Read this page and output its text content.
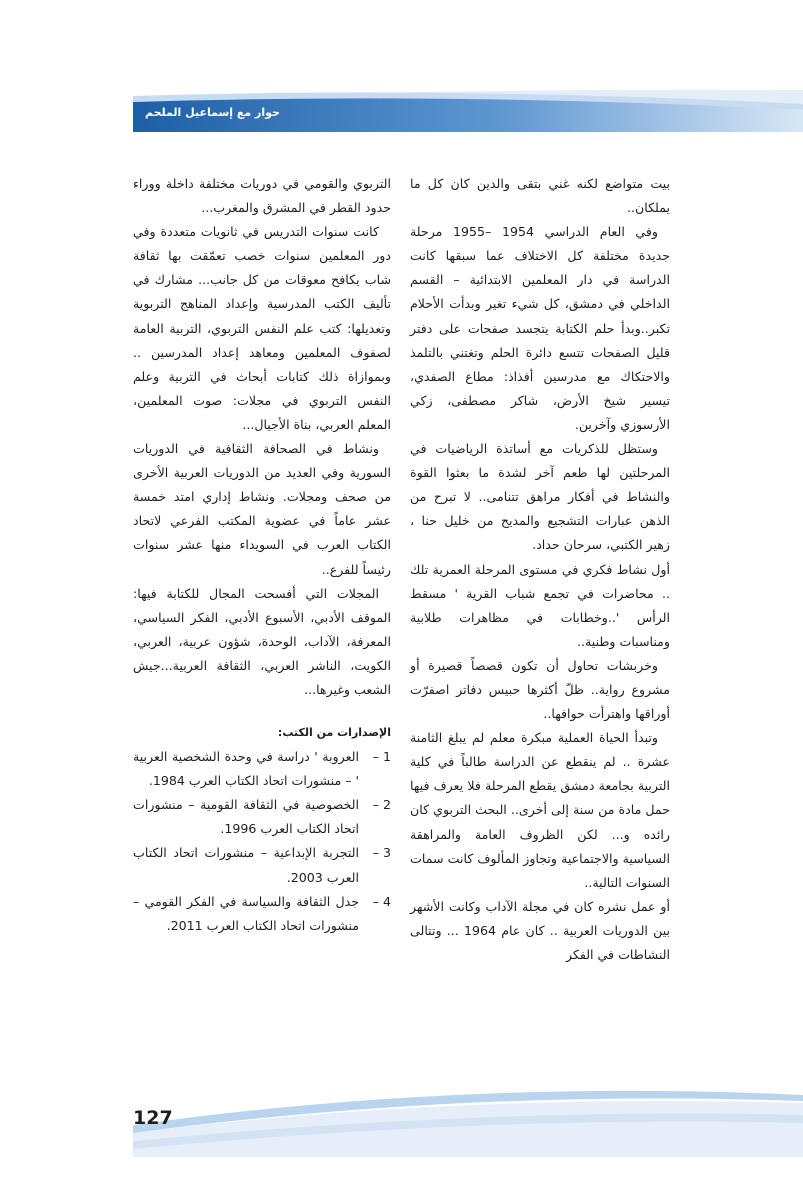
حوار مع إسماعيل الملحم

بيت متواضع لكنه غني بتقى والدين كان كل ما يملكان..

وفي العام الدراسي 1954 –1955 مرحلة جديدة مختلفة كل الاختلاف عما سبقها كانت الدراسة في دار المعلمين الابتدائية – القسم الداخلي في دمشق، كل شيء تغير وبدأت الأحلام تكبر..وبدأ حلم الكتابة يتجسد صفحات على دفتر قليل الصفحات تتسع دائرة الحلم وتغتني بالتلمذ والاحتكاك مع مدرسين أفذاذ: مطاع الصفدي، تيسير شيخ الأرض، شاكر مصطفى، زكي الأرسوزي وآخرين.

وستظل للذكريات مع أساتذة الرياضيات في المرحلتين لها طعم آخر لشدة ما بعثوا القوة والنشاط في أفكار مراهق تتنامى.. لا تبرح من الذهن عبارات التشجيع والمديح من خليل حنا ، زهير الكتبي، سرحان حداد.

أول نشاط فكري في مستوى المرحلة العمرية تلك .. محاضرات في تجمع شباب القرية ' مسقط الرأس '..وخطابات في مظاهرات طلابية ومناسبات وطنية..

وخربشات تحاول أن تكون قصصاً قصيرة أو مشروع رواية.. ظلّ أكثرها حبيس دفاتر اصفرّت أوراقها واهترأت حوافها..

وتبدأ الحياة العملية مبكرة معلم لم يبلغ الثامنة عشرة .. لم ينقطع عن الدراسة طالباً في كلية التربية بجامعة دمشق يقطع المرحلة فلا يعرف فيها حمل مادة من سنة إلى أخرى.. البحث التربوي كان رائده و... لكن الظروف العامة والمراهقة السياسية والاجتماعية وتجاوز المألوف كانت سمات السنوات التالية..

أو عمل نشره كان في مجلة الآداب وكانت الأشهر بين الدوريات العربية .. كان عام 1964 ... وتتالى النشاطات في الفكر

التربوي والقومي في دوريات مختلفة داخلة ووراء حدود القطر في المشرق والمغرب...

كانت سنوات التدريس في ثانويات متعددة وفي دور المعلمين سنوات خصب تعمّقت بها ثقافة شاب يكافح معوقات من كل جانب... مشارك في تأليف الكتب المدرسية وإعداد المناهج التربوية وتعديلها: كتب علم النفس التربوي، التربية العامة لصفوف المعلمين ومعاهد إعداد المدرسين .. وبموازاة ذلك كتابات أبحاث في التربية وعلم النفس التربوي في مجلات: صوت المعلمين، المعلم العربي، بناة الأجيال...

ونشاط في الصحافة الثقافية في الدوريات السورية وفي العديد من الدوريات العربية الأخرى من صحف ومجلات. ونشاط إداري امتد خمسة عشر عاماً في عضوية المكتب الفرعي لاتحاد الكتاب العرب في السويداء منها عشر سنوات رئيساً للفرع..

المجلات التي أفسحت المجال للكتابة فيها: الموقف الأدبي، الأسبوع الأدبي، الفكر السياسي، المعرفة، الآداب، الوحدة، شؤون عربية، العربي، الكويت، الناشر العربي، الثقافة العربية...جيش الشعب وغيرها...

الإصدارات من الكتب:

1 –
العروبة ' دراسة في وحدة الشخصية العربية ' – منشورات اتحاد الكتاب العرب 1984.
2 –
الخصوصية في الثقافة القومية – منشورات اتحاد الكتاب العرب 1996.
3 –
التجربة الإبداعية – منشورات اتحاد الكتاب العرب 2003.
4 –
جدل الثقافة والسياسة في الفكر القومي – منشورات اتحاد الكتاب العرب 2011.
127
